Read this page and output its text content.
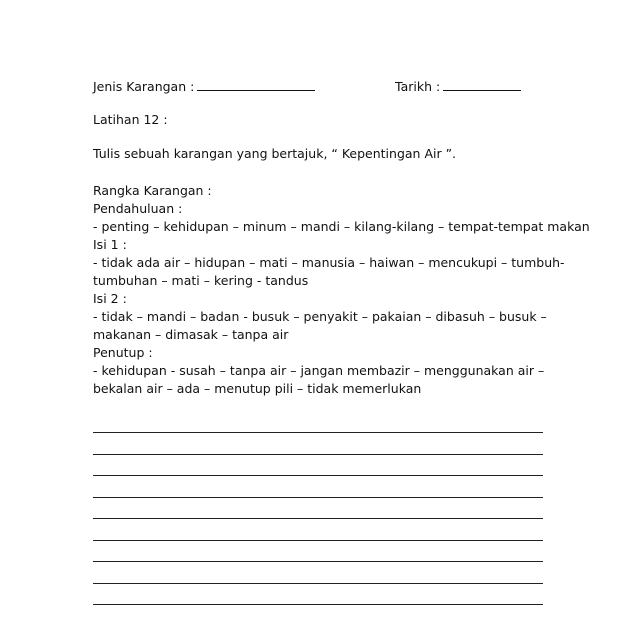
Jenis Karangan :	Tarikh :
Latihan 12 :
Tulis sebuah karangan yang bertajuk, “ Kepentingan Air ”.
Rangka Karangan :
Pendahuluan :
- penting – kehidupan – minum – mandi – kilang-kilang – tempat-tempat makan
Isi 1 :
- tidak ada air – hidupan – mati – manusia – haiwan – mencukupi – tumbuh-
tumbuhan – mati – kering - tandus
Isi 2 :
- tidak – mandi – badan - busuk – penyakit – pakaian – dibasuh – busuk –
makanan – dimasak – tanpa air
Penutup :
- kehidupan - susah – tanpa air – jangan membazir – menggunakan air –
bekalan air – ada – menutup pili – tidak memerlukan
